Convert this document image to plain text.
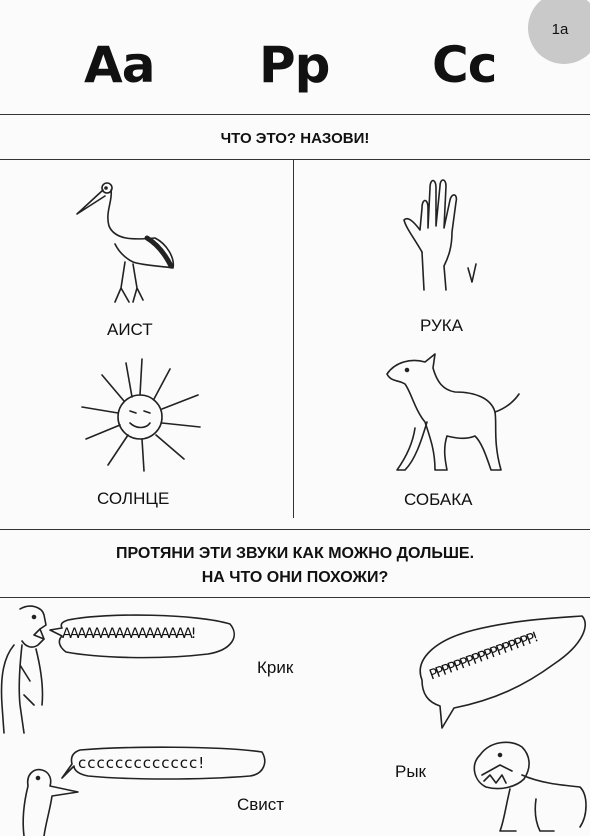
1a
Aa Pp Cc
ЧТО ЭТО? НАЗОВИ!
АИСТ	РУКА
СОЛНЦЕ	СОБАКА
ПРОТЯНИ ЭТИ ЗВУКИ КАК МОЖНО ДОЛЬШЕ.
НА ЧТО ОНИ ПОХОЖИ?
ААААААААААААААААА!
Крик	РРРРРРРРРРРРРРРРР!
Рык
ссссссссссссс!
Свист
